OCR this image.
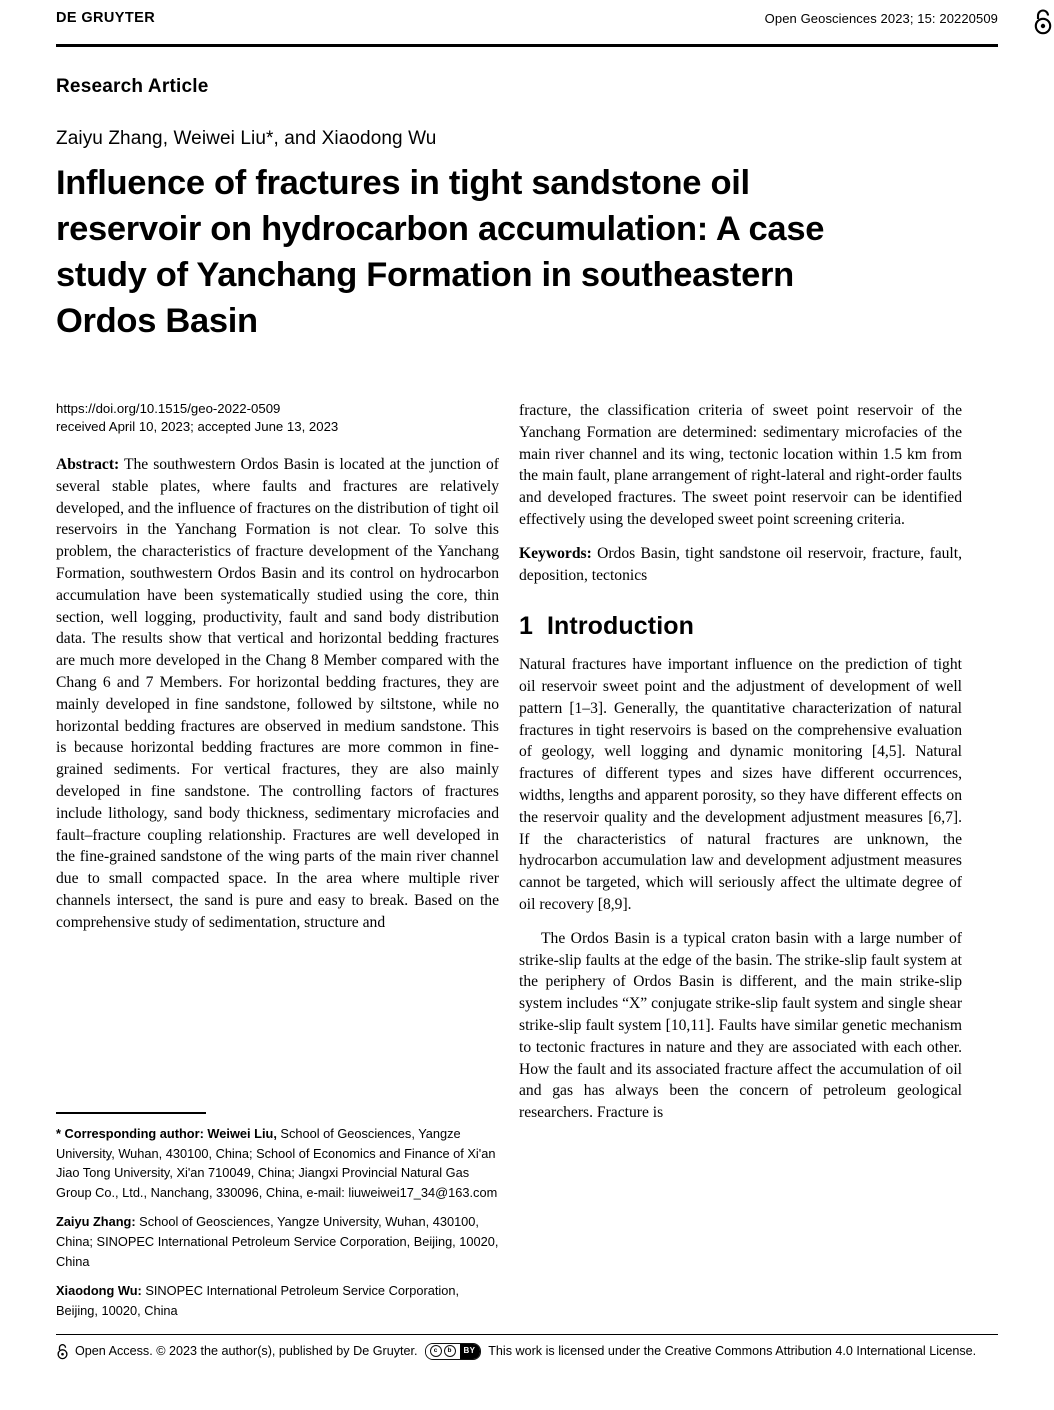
DE GRUYTER	Open Geosciences 2023; 15: 20220509
Research Article
Zaiyu Zhang, Weiwei Liu*, and Xiaodong Wu
Influence of fractures in tight sandstone oil reservoir on hydrocarbon accumulation: A case study of Yanchang Formation in southeastern Ordos Basin
https://doi.org/10.1515/geo-2022-0509
received April 10, 2023; accepted June 13, 2023

Abstract: The southwestern Ordos Basin is located at the junction of several stable plates, where faults and fractures are relatively developed, and the influence of fractures on the distribution of tight oil reservoirs in the Yanchang Formation is not clear. To solve this problem, the characteristics of fracture development of the Yanchang Formation, southwestern Ordos Basin and its control on hydrocarbon accumulation have been systematically studied using the core, thin section, well logging, productivity, fault and sand body distribution data. The results show that vertical and horizontal bedding fractures are much more developed in the Chang 8 Member compared with the Chang 6 and 7 Members. For horizontal bedding fractures, they are mainly developed in fine sandstone, followed by siltstone, while no horizontal bedding fractures are observed in medium sandstone. This is because horizontal bedding fractures are more common in fine-grained sediments. For vertical fractures, they are also mainly developed in fine sandstone. The controlling factors of fractures include lithology, sand body thickness, sedimentary microfacies and fault–fracture coupling relationship. Fractures are well developed in the fine-grained sandstone of the wing parts of the main river channel due to small compacted space. In the area where multiple river channels intersect, the sand is pure and easy to break. Based on the comprehensive study of sedimentation, structure and

fracture, the classification criteria of sweet point reservoir of the Yanchang Formation are determined: sedimentary microfacies of the main river channel and its wing, tectonic location within 1.5 km from the main fault, plane arrangement of right-lateral and right-order faults and developed fractures. The sweet point reservoir can be identified effectively using the developed sweet point screening criteria.

Keywords: Ordos Basin, tight sandstone oil reservoir, fracture, fault, deposition, tectonics

1 Introduction

Natural fractures have important influence on the prediction of tight oil reservoir sweet point and the adjustment of development of well pattern [1–3]. Generally, the quantitative characterization of natural fractures in tight reservoirs is based on the comprehensive evaluation of geology, well logging and dynamic monitoring [4,5]. Natural fractures of different types and sizes have different occurrences, widths, lengths and apparent porosity, so they have different effects on the reservoir quality and the development adjustment measures [6,7]. If the characteristics of natural fractures are unknown, the hydrocarbon accumulation law and development adjustment measures cannot be targeted, which will seriously affect the ultimate degree of oil recovery [8,9].

The Ordos Basin is a typical craton basin with a large number of strike-slip faults at the edge of the basin. The strike-slip fault system at the periphery of Ordos Basin is different, and the main strike-slip system includes “X” conjugate strike-slip fault system and single shear strike-slip fault system [10,11]. Faults have similar genetic mechanism to tectonic fractures in nature and they are associated with each other. How the fault and its associated fracture affect the accumulation of oil and gas has always been the concern of petroleum geological researchers. Fracture is

* Corresponding author: Weiwei Liu, School of Geosciences, Yangze University, Wuhan, 430100, China; School of Economics and Finance of Xi'an Jiao Tong University, Xi'an 710049, China; Jiangxi Provincial Natural Gas Group Co., Ltd., Nanchang, 330096, China, e-mail: liuweiwei17_34@163.com

Zaiyu Zhang: School of Geosciences, Yangze University, Wuhan, 430100, China; SINOPEC International Petroleum Service Corporation, Beijing, 10020, China

Xiaodong Wu: SINOPEC International Petroleum Service Corporation, Beijing, 10020, China

Open Access. © 2023 the author(s), published by De Gruyter.	c	b	BY	This work is licensed under the Creative Commons Attribution 4.0 International License.
